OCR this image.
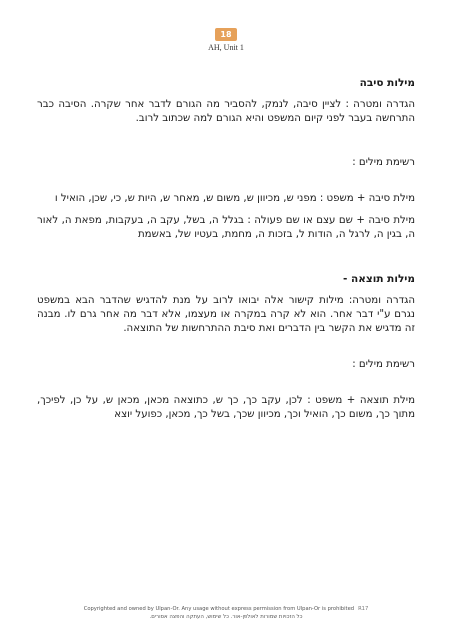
18
AH, Unit 1

מילות סיבה

הגדרה ומטרה : לציין סיבה, לנמק, להסביר מה הגורם לדבר אחר שקרה. הסיבה כבר התרחשה בעבר לפני קיום המשפט והיא הגורם למה שכתוב לרוב.

רשימת מילים :

מילת סיבה + משפט : מפני ש, מכיוון ש, משום ש, מאחר ש, היות ש, כי, שכן, הואיל ו

מילת סיבה + שם עצם או שם פעולה : בגלל ה, בשל, עקב ה, בעקבות, מפאת ה, לאור ה, בגין ה, לרגל ה, הודות ל, בזכות ה, מחמת, בעטיו של, באשמת

מילות תוצאה -

הגדרה ומטרה: מילות קישור אלה יבואו לרוב על מנת להדגיש שהדבר הבא במשפט נגרם ע"י דבר אחר. הוא לא קרה במקרה או מעצמו, אלא דבר מה אחר גרם לו. מבנה זה מדגיש את הקשר בין הדברים ואת סיבת ההתרחשות של התוצאה.

רשימת מילים :

מילת תוצאה + משפט : לכן, עקב כך, כך ש, כתוצאה מכאן, מכאן ש, על כן, לפיכך, מתוך כך, משום כך, הואיל וכך, מכיוון שכך, בשל כך, מכאן, כפועל יוצא

Copyrighted and owned by Ulpan-Or. Any usage without express permission from Ulpan-Or is prohibited R17
כל הזכויות שמורות לאולפן-אור. כל שימוש, העתקה והפצה אסורים.
